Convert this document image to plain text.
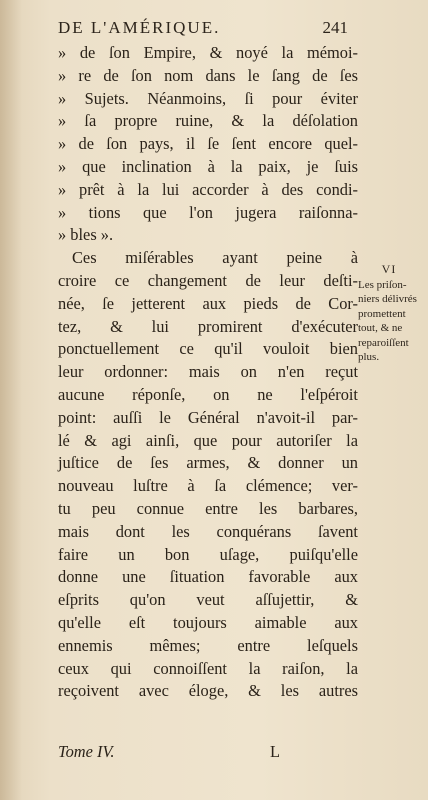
DE L'AMÉRIQUE.	241
» de ſon Empire, & noyé la mémoi-
» re de ſon nom dans le ſang de ſes
» Sujets. Néanmoins, ſi pour éviter
» ſa propre ruine, & la déſolation
» de ſon pays, il ſe ſent encore quel-
» que inclination à la paix, je ſuis
» prêt à la lui accorder à des condi-
» tions que l'on jugera raiſonna-
» bles ».
Ces miſérables ayant peine à
croire ce changement de leur deſti-
née, ſe jetterent aux pieds de Cor-
tez, & lui promirent d'exécuter
ponctuellement ce qu'il vouloit bien
leur ordonner: mais on n'en reçut
aucune réponſe, on ne l'eſpéroit
point: auſſi le Général n'avoit-il par-
lé & agi ainſi, que pour autoriſer la
juſtice de ſes armes, & donner un
nouveau luſtre à ſa clémence; ver-
tu peu connue entre les barbares,
mais dont les conquérans ſavent
faire un bon uſage, puiſqu'elle
donne une ſituation favorable aux
eſprits qu'on veut aſſujettir, &
qu'elle eſt toujours aimable aux
ennemis mêmes; entre leſquels
ceux qui connoiſſent la raiſon, la
reçoivent avec éloge, & les autres
VI
Les priſon-
niers délivrés
promettent
tout, & ne
reparoiſſent
plus.
Tome IV.	L
